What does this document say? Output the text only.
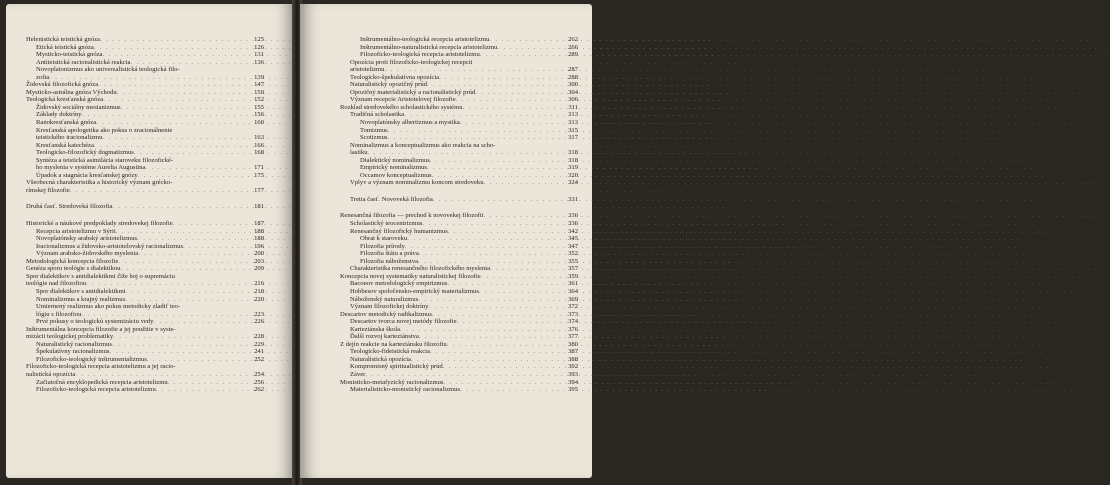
Helenistická teistická gnóza . . .	125
Etická teistická gnóza . . .	126
Mysticko-teistická gnóza . . .	131
Antiteistická racionalistická reakcia . . .	136
Novoplatonizmus ako univerzalistická teologická filo-
zofia . . .	139
Židovská filozofická gnóza . . .	147
Mysticko-astrálna gnóza Východu . . .	150
Teologická kresťanská gnóza . . .	152
Židovský sociálny mesianizmus . . .	155
Základy doktríny . . .	156
Ranokresťanská gnóza . . .	160
Kresťanská apologetika ako pokus o zracionálnenie
teistického iracionalizmu . . .	163
Kresťanská katechéza . . .	166
Teologicko-filozofický dogmatizmus . . .	168
Syntéza a teistická asimilácia staroveku filozofické-
ho myslenia v systéme Aurelia Augustina . . .	171
Úpadok a stagnácia kresťanskej gnózy . . .	175
Všeobecná charakteristika a historický význam grécko-
rímskej filozofie . . .	177
Druhá časť. Stredoveká filozofia . . .	181
Historické a náukové predpoklady stredovekej filozofie . . .	187
Recepcia aristotelizmu v Sýrii . . .	188
Novoplatónsky arabský aristotelizmus . . .	188
Iracionalizmus a židovsko-aristotelovský racionalizmus . . .	196
Význam arabsko-židovského myslenia . . .	200
Metodologická koncepcia filozofie . . .	203
Genéza sporu teológie s dialektikou . . .	209
Spor dialektikov s antidialektikmi čiže boj o supremáciu
teológie nad filozofiou . . .	216
Spor dialektikov s antidialektikmi . . .	218
Nominalizmus a krajný realizmus . . .	220
Umiernený realizmus ako pokus metodicky zladiť teo-
lógiu s filozofiou . . .	223
Prvé pokusy o teologickú systemizáciu vedy . . .	226
Inštrumentálna koncepcia filozofie a jej použitie v syste-
mizácii teologickej problematiky . . .	228
Naturalistický racionalizmus . . .	229
Špekulatívny racionalizmus . . .	241
Filozoficko-teologický inštrumentalizmus . . .	252
Filozoficko-teologická recepcia aristotelizmu a jej racio-
nalistická opozícia . . .	254
Začiatočná encyklopedická recepcia aristotelizmu . . .	256
Filozoficko-teologická recepcia aristotelizmu . . .	262
Inštrumentálno-teologická recepcia aristotelizmu . . .	262
Inštrumentálno-naturalistická recepcia aristotelizmu . . .	266
Filozoficko-teologická recepcia aristotelizmu . . .	289
Opozícia proti filozoficko-teologickej recepcii
aristotelizmu . . .	287
Teologicko-špekulatívna opozícia . . .	288
Naturalistický opozičný prúd . . .	300
Opozičný materialistický a racionalistický prúd . . .	304
Význam recepcie Aristotelovej filozofie . . .	306
Rozklad stredovekého scholastického systému . . .	311
Tradičná scholastika . . .	313
Novoplatónsky albertizmus a mystika . . .	313
Tomizmus . . .	315
Scotizmus . . .	317
Nominalizmus a konceptualizmus ako reakcia na scho-
lastiku . . .	318
Dialektický nominalizmus . . .	318
Empirický nominalizmus . . .	319
Occamov konceptualizmus . . .	320
Vplyv a význam nominalizmu koncom stredoveku . . .	324
Tretia časť. Novoveká filozofia . . .	331
Renesančná filozofia — prechod k novovekej filozofii . . .	336
Scholastický teocentrizmus . . .	336
Renesančný filozofický humanizmus . . .	342
Obrat k staroveku . . .	345
Filozofia prírody . . .	347
Filozofia štátu a práva . . .	352
Filozofia náboženstva . . .	355
Charakteristika renesančného filozofického myslenia . . .	357
Koncepcia novej systematiky naturalistickej filozofie . . .	359
Baconov metodologický empirizmus . . .	361
Hobbesov spoločensko-empirický materializmus . . .	364
Náboženský naturalizmus . . .	369
Význam filozofickej doktríny . . .	372
Descartov metodický radikalizmus . . .	373
Descartov tvorca novej metódy filozofie . . .	374
Karteziánska škola . . .	376
Ďalší rozvoj karteziánstva . . .	377
Z dejín reakcie na karteziánsku filozofiu . . .	380
Teologicko-fideistická reakcia . . .	387
Naturalistická opozícia . . .	388
Kompromisný spiritualistický prúd . . .	392
Záver . . .	393
Monisticko-metafyzický racionalizmus . . .	394
Materialisticko-monistický racionalizmus . . .	395
